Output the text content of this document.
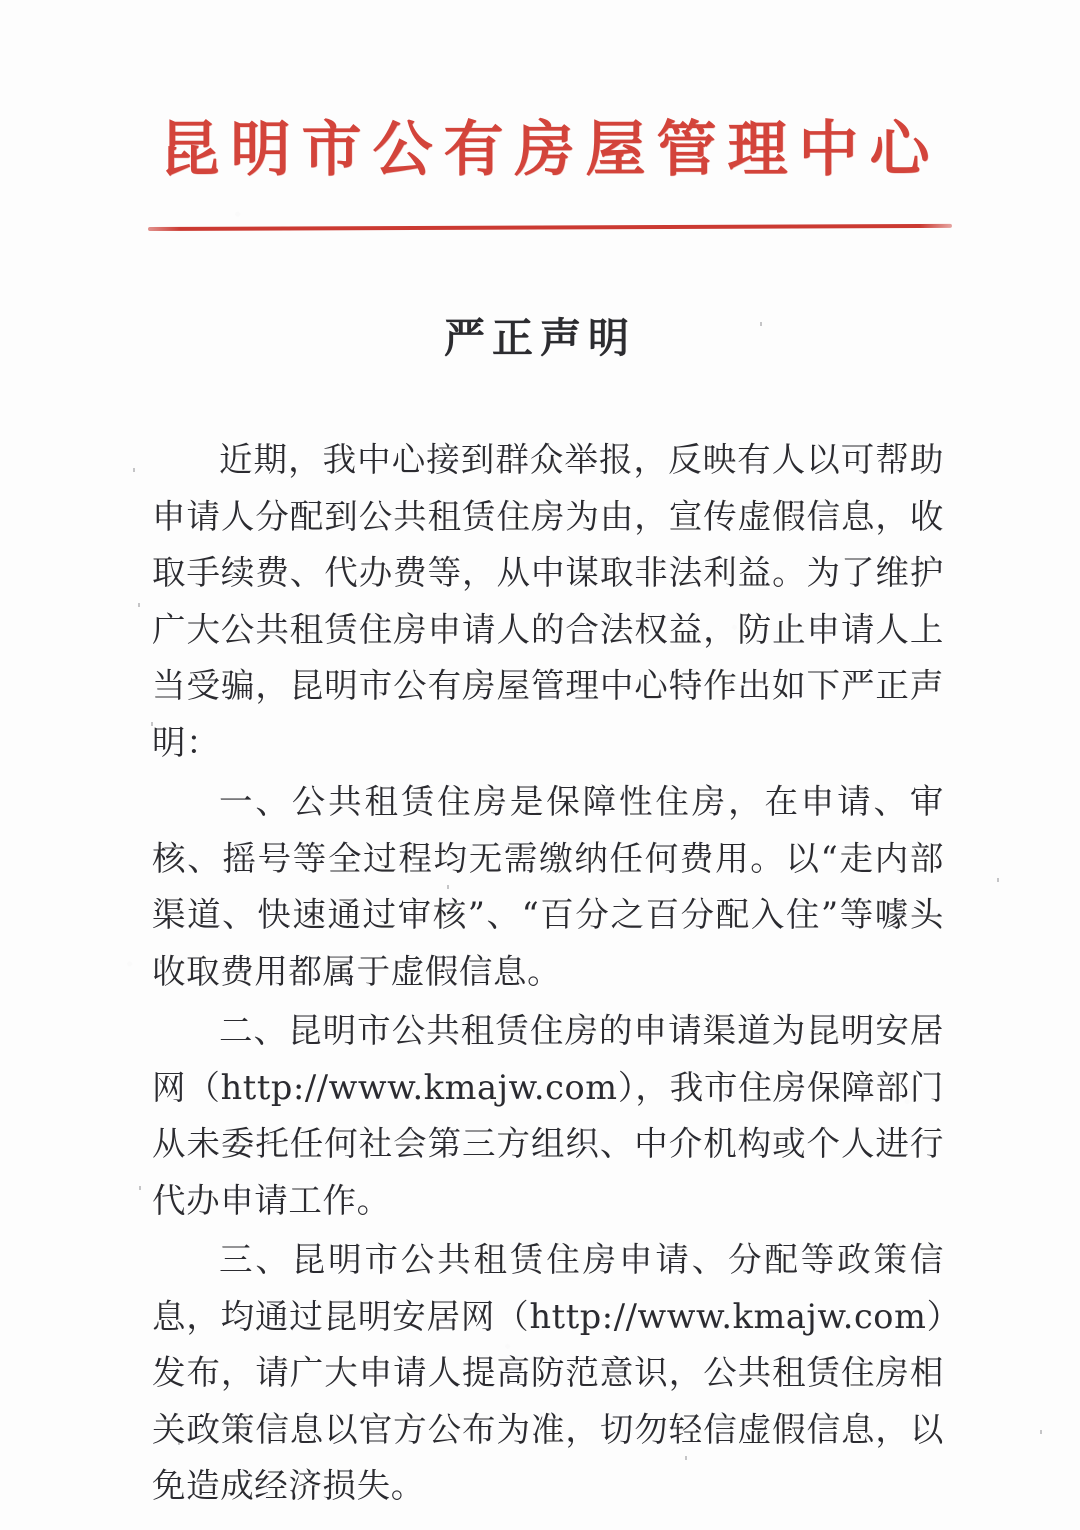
昆明市公有房屋管理中心
严正声明

近期，我中心接到群众举报，反映有人以可帮助申请人分配到公共租赁住房为由，宣传虚假信息，收取手续费、代办费等，从中谋取非法利益。为了维护广大公共租赁住房申请人的合法权益，防止申请人上当受骗，昆明市公有房屋管理中心特作出如下严正声明：

一、公共租赁住房是保障性住房，在申请、审核、摇号等全过程均无需缴纳任何费用。以“走内部渠道、快速通过审核”、“百分之百分配入住”等噱头收取费用都属于虚假信息。

二、昆明市公共租赁住房的申请渠道为昆明安居网（http://www.kmajw.com），我市住房保障部门从未委托任何社会第三方组织、中介机构或个人进行代办申请工作。

三、昆明市公共租赁住房申请、分配等政策信息，均通过昆明安居网（http://www.kmajw.com）发布，请广大申请人提高防范意识，公共租赁住房相关政策信息以官方公布为准，切勿轻信虚假信息，以免造成经济损失。
